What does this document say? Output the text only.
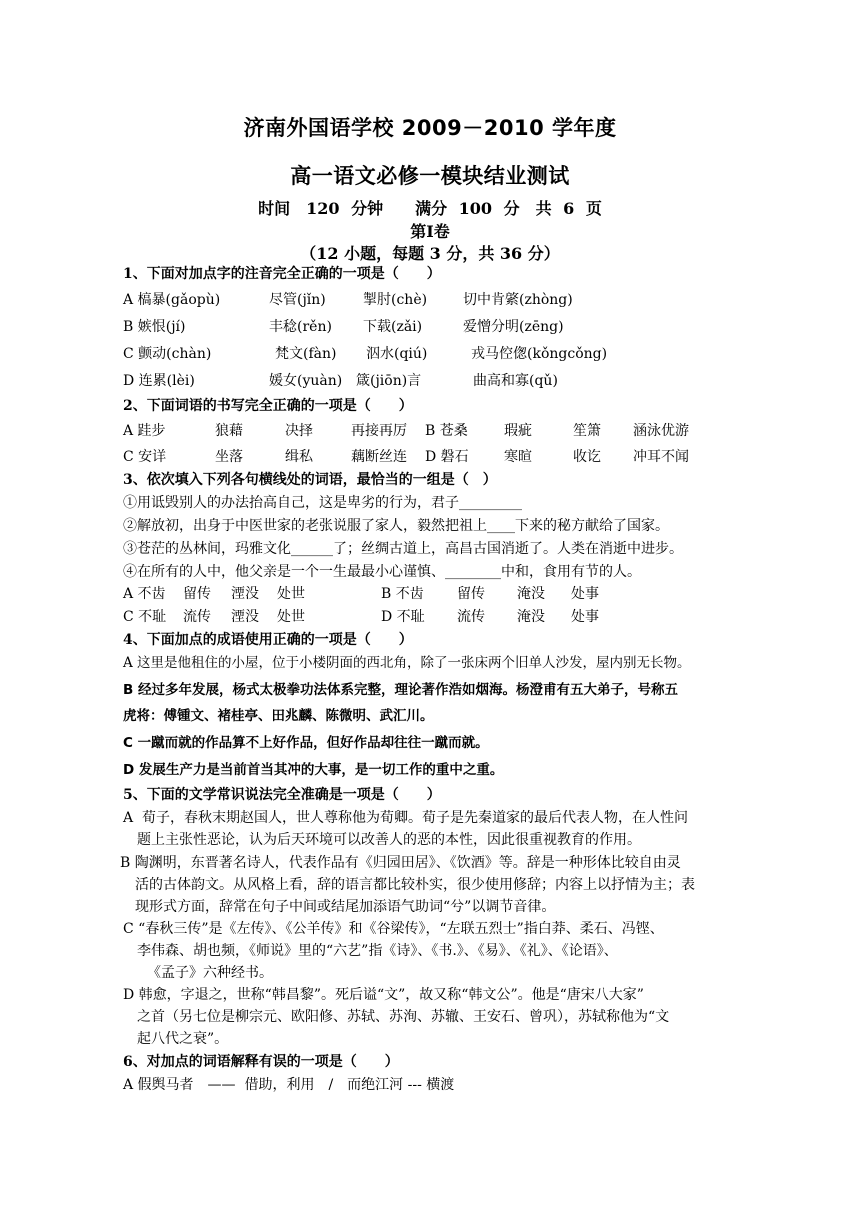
济南外国语学校 2009－2010 学年度
高一语文必修一模块结业测试
时间　120 分钟　　满分 100 分　共 6 页
第Ⅰ卷
（12 小题，每题 3 分，共 36 分）
1、下面对加点字的注音完全正确的一项是（　　）
A 槁暴(gǎopù)	尽管(jǐn)	掣肘(chè)	切中肯綮(zhòng)
B 嫉恨(jí)	丰稔(rěn) 下载(zǎi)	爱憎分明(zēng)
C 颤动(chàn)	梵文(fàn) 泅水(qiú)	戎马倥偬(kǒngcǒng)
D 连累(lèi)	媛女(yuàn) 箴(jiōn)言	曲高和寡(qǔ)
2、下面词语的书写完全正确的一项是（　　）
A 跬步	狼藉	决择	再接再厉 B 苍桑	瑕疵	笙箫 涵泳优游
C 安详	坐落	缉私	藕断丝连 D 磐石	寒暄	收讫 冲耳不闻
3、依次填入下列各句横线处的词语，最恰当的一组是（　）
①用诋毁别人的办法抬高自己，这是卑劣的行为，君子_________
②解放初，出身于中医世家的老张说服了家人，毅然把祖上____下来的秘方献给了国家。
③苍茫的丛林间，玛雅文化______了；丝绸古道上，高昌古国消逝了。人类在消逝中进步。
④在所有的人中，他父亲是一个一生最最小心谨慎、________中和，食用有节的人。
A 不齿 留传 湮没 处世	B 不齿 留传 淹没 处事
C 不耻 流传 湮没 处世	D 不耻 流传 淹没 处事
4、下面加点的成语使用正确的一项是（　　）
A 这里是他租住的小屋，位于小楼阴面的西北角，除了一张床两个旧单人沙发，屋内别无长物。
B 经过多年发展，杨式太极拳功法体系完整，理论著作浩如烟海。杨澄甫有五大弟子，号称五
虎将：傅锺文、褚桂亭、田兆麟、陈微明、武汇川。
C 一蹴而就的作品算不上好作品，但好作品却往往一蹴而就。
D 发展生产力是当前首当其冲的大事，是一切工作的重中之重。
5、下面的文学常识说法完全准确是一项是（　　）
A  荀子，春秋末期赵国人，世人尊称他为荀卿。荀子是先秦道家的最后代表人物，在人性问
题上主张性恶论，认为后天环境可以改善人的恶的本性，因此很重视教育的作用。
B 陶渊明，东晋著名诗人，代表作品有《归园田居》、《饮酒》等。辞是一种形体比较自由灵
活的古体韵文。从风格上看，辞的语言都比较朴实，很少使用修辞；内容上以抒情为主；表
现形式方面，辞常在句子中间或结尾加添语气助词“兮”以调节音律。
C “春秋三传”是《左传》、《公羊传》和《谷梁传》，“左联五烈士”指白莽、柔石、冯铿、
李伟森、胡也频，《师说》里的“六艺”指《诗》、《书.》、《易》、《礼》、《论语》、
《孟子》六种经书。
D 韩愈，字退之，世称“韩昌黎”。死后谥“文”，故又称“韩文公”。他是“唐宋八大家”
之首（另七位是柳宗元、欧阳修、苏轼、苏洵、苏辙、王安石、曾巩），苏轼称他为“文
起八代之衰”。
6、对加点的词语解释有误的一项是（　　）
A 假舆马者　——  借助，利用　/　而绝江河 --- 横渡
